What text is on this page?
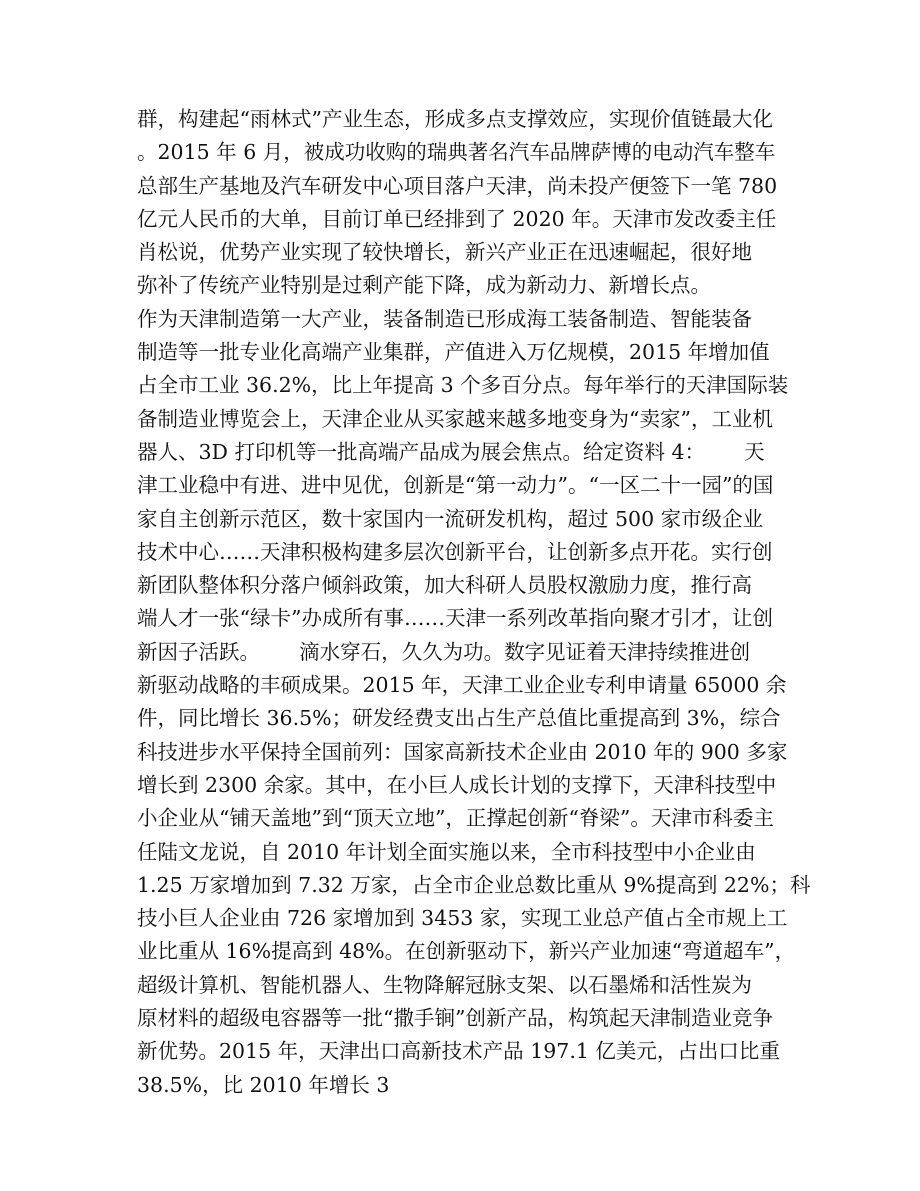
群，构建起“雨林式”产业生态，形成多点支撑效应，实现价值链最大化
。2015 年 6 月，被成功收购的瑞典著名汽车品牌萨博的电动汽车整车
总部生产基地及汽车研发中心项目落户天津，尚未投产便签下一笔 780
亿元人民币的大单，目前订单已经排到了 2020 年。天津市发改委主任
肖松说，优势产业实现了较快增长，新兴产业正在迅速崛起，很好地
弥补了传统产业特别是过剩产能下降，成为新动力、新增长点。
作为天津制造第一大产业，装备制造已形成海工装备制造、智能装备
制造等一批专业化高端产业集群，产值进入万亿规模，2015 年增加值
占全市工业 36.2%，比上年提高 3 个多百分点。每年举行的天津国际装
备制造业博览会上，天津企业从买家越来越多地变身为“卖家”，工业机
器人、3D 打印机等一批高端产品成为展会焦点。给定资料 4：      天
津工业稳中有进、进中见优，创新是“第一动力”。“一区二十一园”的国
家自主创新示范区，数十家国内一流研发机构，超过 500 家市级企业
技术中心……天津积极构建多层次创新平台，让创新多点开花。实行创
新团队整体积分落户倾斜政策，加大科研人员股权激励力度，推行高
端人才一张“绿卡”办成所有事……天津一系列改革指向聚才引才，让创
新因子活跃。      滴水穿石，久久为功。数字见证着天津持续推进创
新驱动战略的丰硕成果。2015 年，天津工业企业专利申请量 65000 余
件，同比增长 36.5%；研发经费支出占生产总值比重提高到 3%，综合
科技进步水平保持全国前列：国家高新技术企业由 2010 年的 900 多家
增长到 2300 余家。其中，在小巨人成长计划的支撑下，天津科技型中
小企业从“铺天盖地”到“顶天立地”，正撑起创新“脊梁”。天津市科委主
任陆文龙说，自 2010 年计划全面实施以来，全市科技型中小企业由
1.25 万家增加到 7.32 万家，占全市企业总数比重从 9%提高到 22%；科
技小巨人企业由 726 家增加到 3453 家，实现工业总产值占全市规上工
业比重从 16%提高到 48%。在创新驱动下，新兴产业加速“弯道超车”，
超级计算机、智能机器人、生物降解冠脉支架、以石墨烯和活性炭为
原材料的超级电容器等一批“撒手锏”创新产品，构筑起天津制造业竞争
新优势。2015 年，天津出口高新技术产品 197.1 亿美元，占出口比重
38.5%，比 2010 年增长 3
